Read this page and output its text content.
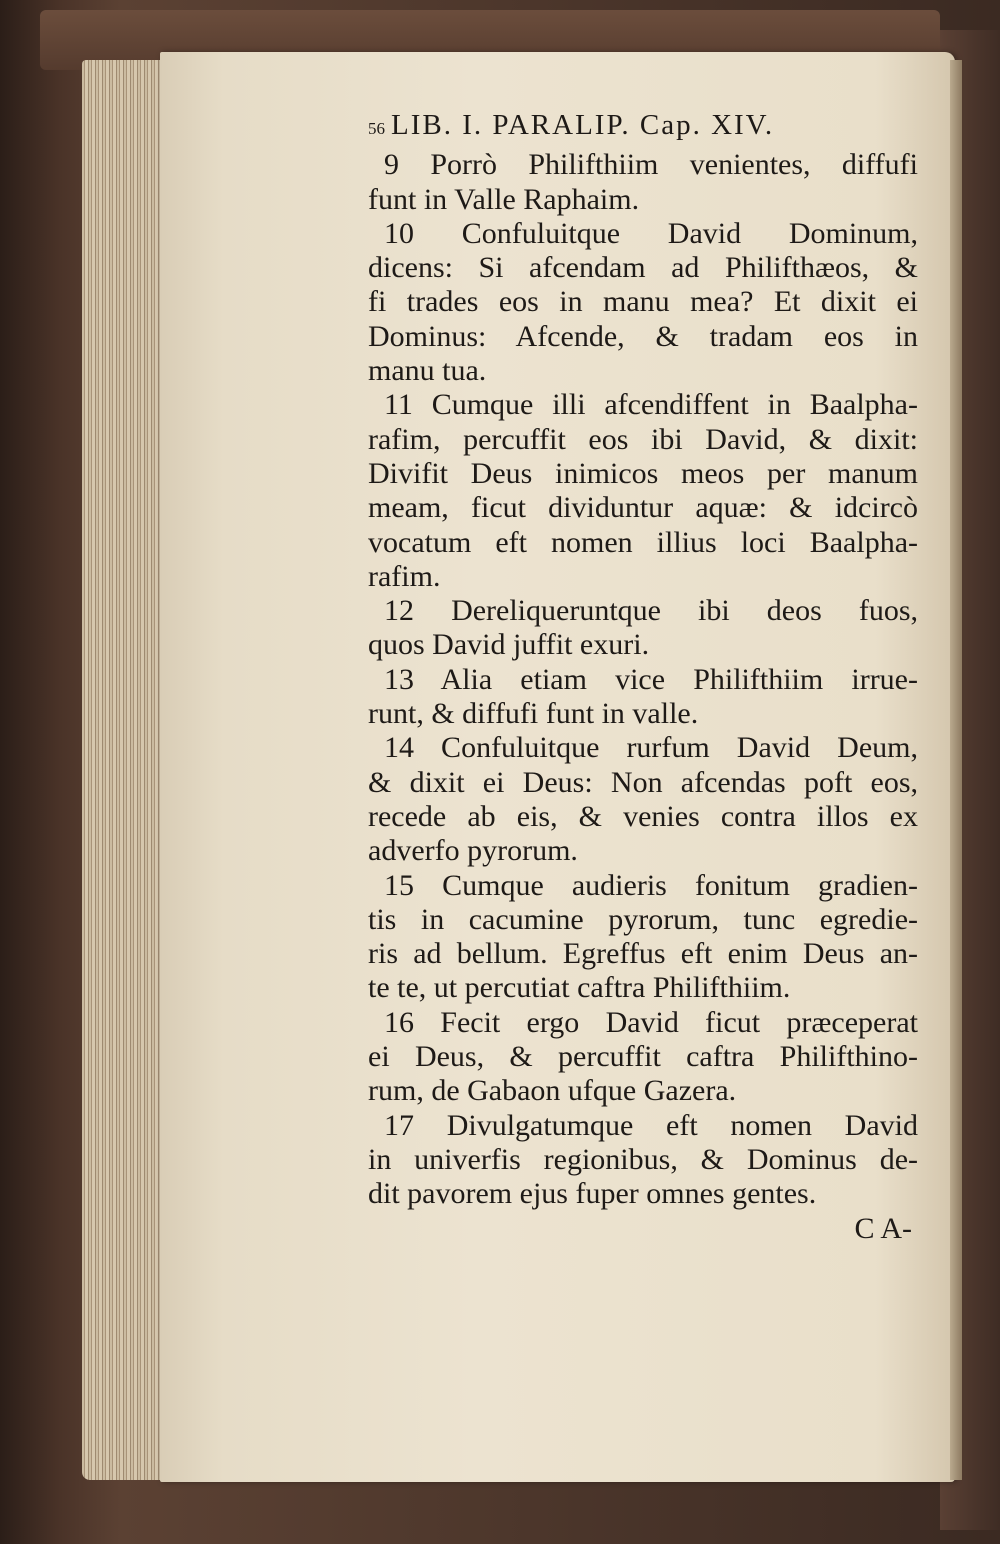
56 LIB. I. PARALIP. Cap. XIV.
9 Porrò Philifthiim venientes, diffufi
funt in Valle Raphaim.
10 Confuluitque David Dominum,
dicens: Si afcendam ad Philifthæos, &
fi trades eos in manu mea? Et dixit ei
Dominus: Afcende, & tradam eos in
manu tua.
11 Cumque illi afcendiffent in Baalpha-
rafim, percuffit eos ibi David, & dixit:
Divifit Deus inimicos meos per manum
meam, ficut dividuntur aquæ: & idcircò
vocatum eft nomen illius loci Baalpha-
rafim.
12 Dereliqueruntque ibi deos fuos,
quos David juffit exuri.
13 Alia etiam vice Philifthiim irrue-
runt, & diffufi funt in valle.
14 Confuluitque rurfum David Deum,
& dixit ei Deus: Non afcendas poft eos,
recede ab eis, & venies contra illos ex
adverfo pyrorum.
15 Cumque audieris fonitum gradien-
tis in cacumine pyrorum, tunc egredie-
ris ad bellum. Egreffus eft enim Deus an-
te te, ut percutiat caftra Philifthiim.
16 Fecit ergo David ficut præceperat
ei Deus, & percuffit caftra Philifthino-
rum, de Gabaon ufque Gazera.
17 Divulgatumque eft nomen David
in univerfis regionibus, & Dominus de-
dit pavorem ejus fuper omnes gentes.
C A-
